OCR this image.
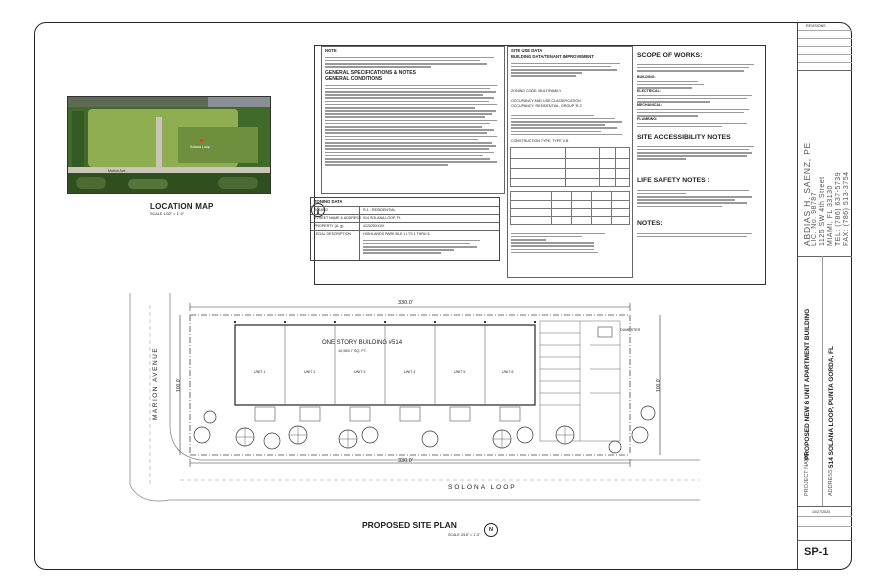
Solana Loop
Marion Ave
LOCATION MAP
SCALE 1/32" = 1'-0"
NOTE
GENERAL SPECIFICATIONS & NOTES
GENERAL CONDITIONS
ZONING DATA
ZONING	R-1 - RESIDENTIAL
STREET NAME & ADDRESS 514 SOLANA LOOP, FL
PROPERTY (A, g)	412025XXXX
LEGAL DESCRIPTION	HIGHLANDS PARK BLK 1 LTS 1 THRU 6
SITE USE DATA
BUILDING DATA/TENANT IMPROVEMENT
ZONING CODE: MULTIFAMILY
OCCUPANCY AND USE CLASSIFICATION
OCCUPANCY: RESIDENTIAL, GROUP 'R-2'
CONSTRUCTION TYPE: TYPE V-B
SCOPE OF WORKS:
BUILDING:
ELECTRICAL:
MECHANICAL:
PLUMBING:
SITE ACCESSIBILITY NOTES
LIFE SAFETY NOTES :
NOTES:
330.0'
330.0'
100.0'	100.0'
ONE STORY BUILDING #514
10,963.7 SQ. FT.
UNIT 1	UNIT 2	UNIT 3	UNIT 4	UNIT 5	UNIT 6
DUMPSTER
MARION AVENUE
SOLONA LOOP
PROPOSED SITE PLAN
SCALE 3/16" = 1'-0"
N
REVISIONS
ABDIAS H. SAENZ, PE LIC. No. 98787 1125 SW 4th Street MIAMI, FL 33130 TEL: (786) 637-5739 FAX: (786) 513-3754
PROJECT NAME:
PROPOSED NEW 6 UNIT APARTMENT BUILDING
ADDRESS:
514 SOLANA LOOP, PUNTA GORDA, FL
10/27/2020
SP-1
